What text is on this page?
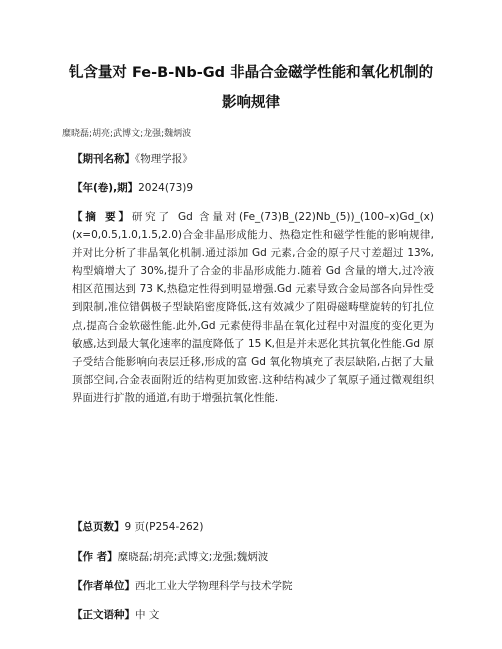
钆含量对 Fe-B-Nb-Gd 非晶合金磁学性能和氧化机制的影响规律
糜晓磊;胡亮;武博文;龙强;魏炳波
【期刊名称】《物理学报》
【年(卷),期】2024(73)9
【摘 要】研究了 Gd 含量对(Fe_(73)B_(22)Nb_(5))_(100–x)Gd_(x)(x=0,0.5,1.0,1.5,2.0)合金非晶形成能力、热稳定性和磁学性能的影响规律,并对比分析了非晶氧化机制.通过添加 Gd 元素,合金的原子尺寸差超过 13%,构型熵增大了 30%,提升了合金的非晶形成能力.随着 Gd 含量的增大,过冷液相区范围达到 73 K,热稳定性得到明显增强.Gd 元素导致合金局部各向异性受到限制,准位错偶极子型缺陷密度降低,这有效减少了阻碍磁畴壁旋转的钉扎位点,提高合金软磁性能.此外,Gd 元素使得非晶在氧化过程中对温度的变化更为敏感,达到最大氧化速率的温度降低了 15 K,但是并未恶化其抗氧化性能.Gd 原子受结合能影响向表层迁移,形成的富 Gd 氧化物填充了表层缺陷,占据了大量顶部空间,合金表面附近的结构更加致密.这种结构减少了氧原子通过微观组织界面进行扩散的通道,有助于增强抗氧化性能.
【总页数】9 页(P254-262)
【作 者】糜晓磊;胡亮;武博文;龙强;魏炳波
【作者单位】西北工业大学物理科学与技术学院
【正文语种】中 文
